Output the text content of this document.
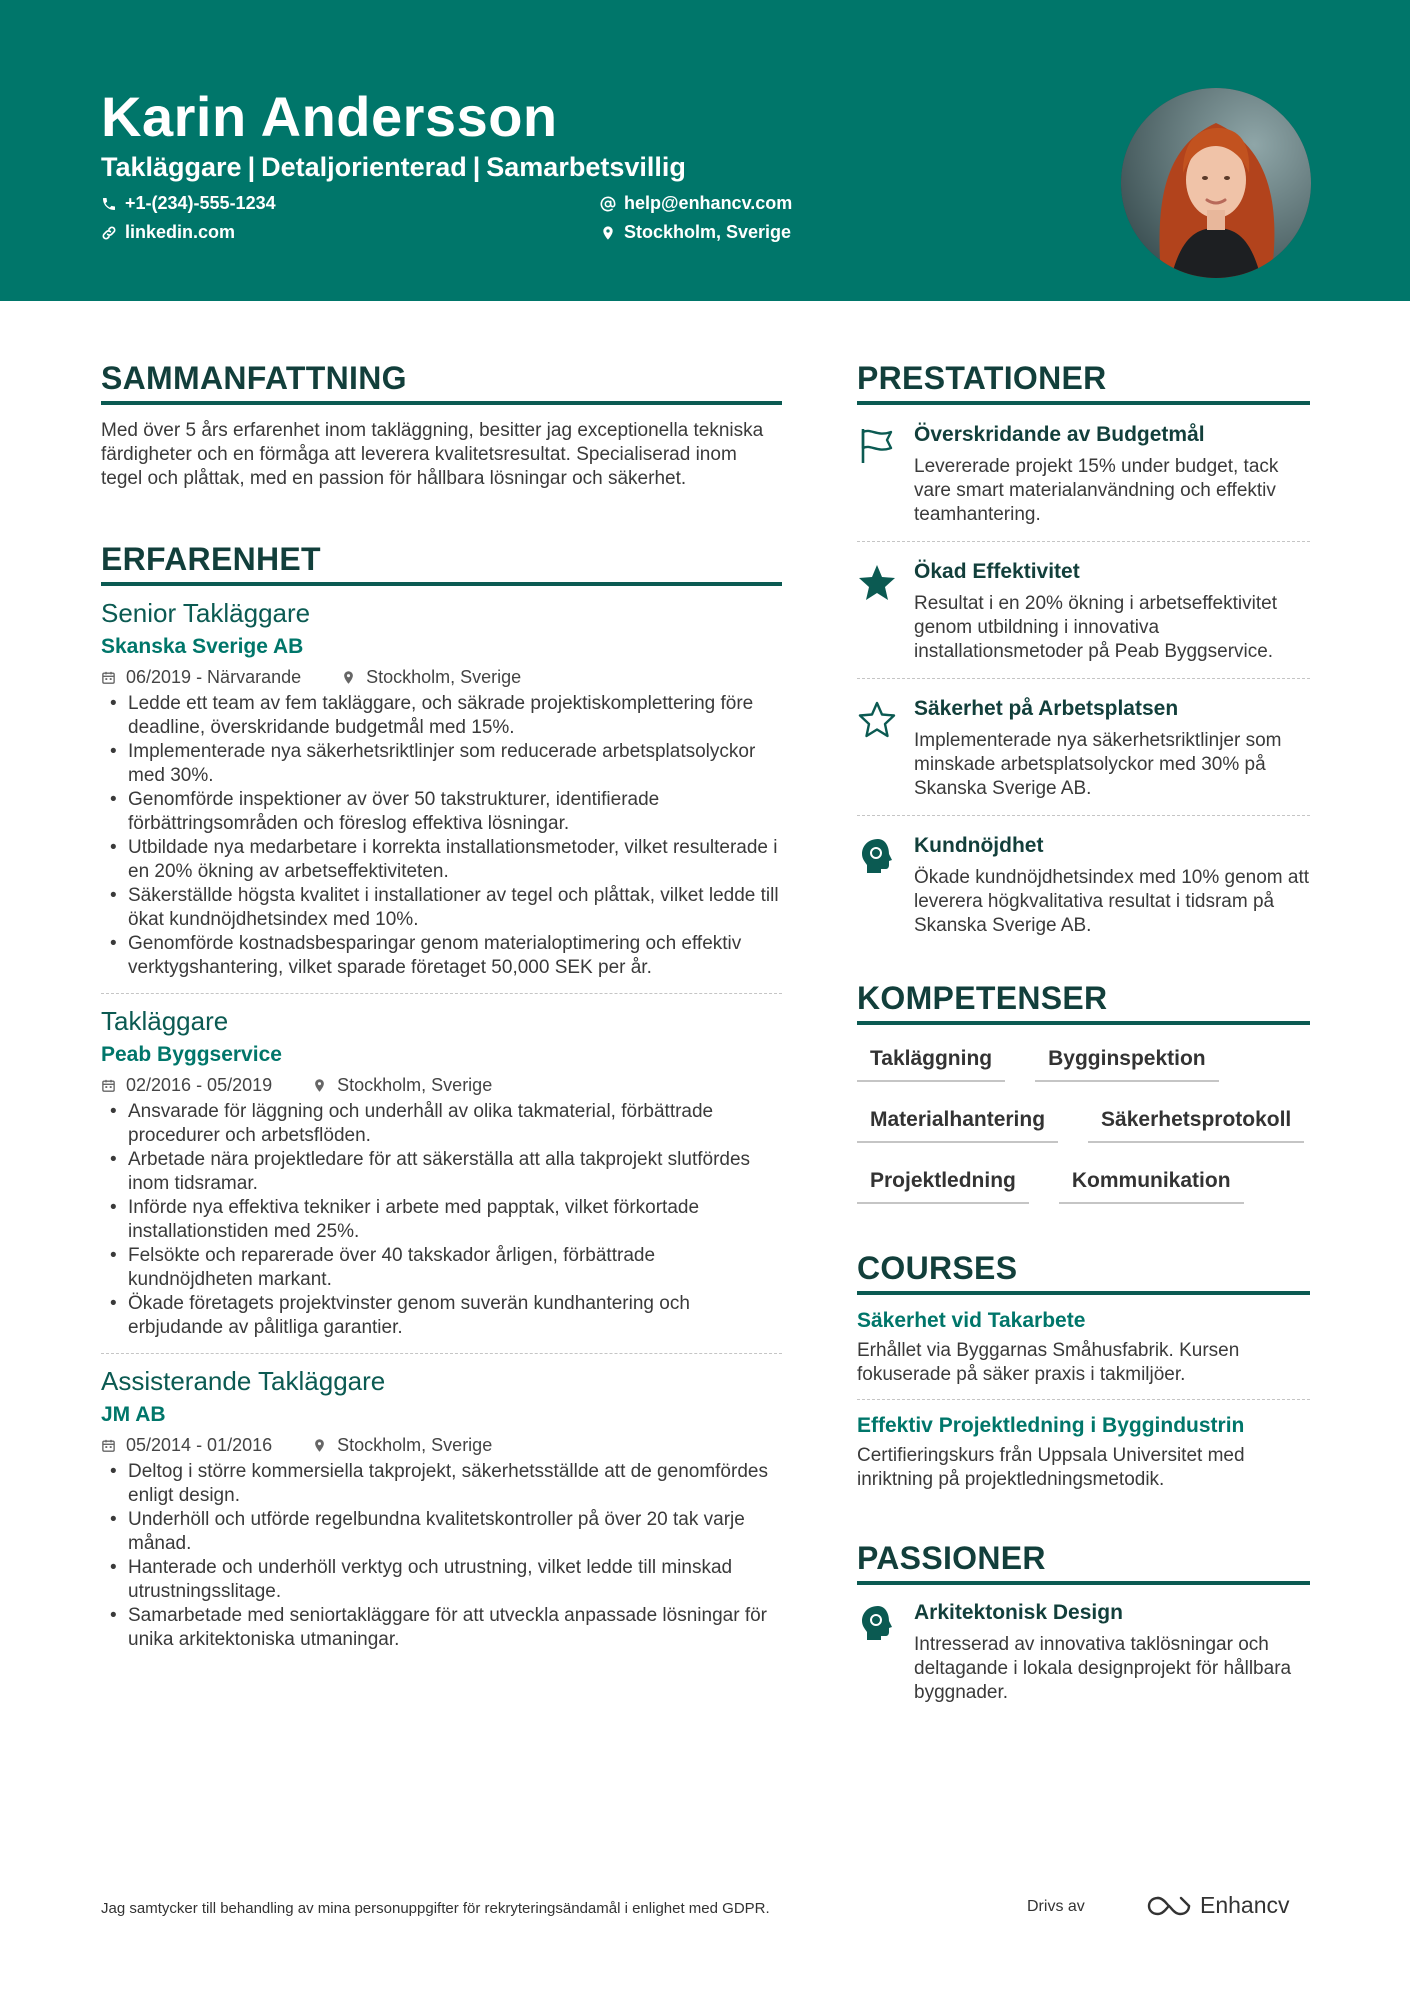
Karin Andersson
Takläggare | Detaljorienterad | Samarbetsvillig
+1-(234)-555-1234
linkedin.com
help@enhancv.com
Stockholm, Sverige
SAMMANFATTNING
Med över 5 års erfarenhet inom takläggning, besitter jag exceptionella tekniska färdigheter och en förmåga att leverera kvalitetsresultat. Specialiserad inom tegel och plåttak, med en passion för hållbara lösningar och säkerhet.
ERFARENHET
Senior Takläggare
Skanska Sverige AB
06/2019 - Närvarande	Stockholm, Sverige
• Ledde ett team av fem takläggare, och säkrade projektiskomplettering före deadline, överskridande budgetmål med 15%.
• Implementerade nya säkerhetsriktlinjer som reducerade arbetsplatsolyckor med 30%.
• Genomförde inspektioner av över 50 takstrukturer, identifierade förbättringsområden och föreslog effektiva lösningar.
• Utbildade nya medarbetare i korrekta installationsmetoder, vilket resulterade i en 20% ökning av arbetseffektiviteten.
• Säkerställde högsta kvalitet i installationer av tegel och plåttak, vilket ledde till ökat kundnöjdhetsindex med 10%.
• Genomförde kostnadsbesparingar genom materialoptimering och effektiv verktygshantering, vilket sparade företaget 50,000 SEK per år.
Takläggare
Peab Byggservice
02/2016 - 05/2019	Stockholm, Sverige
• Ansvarade för läggning och underhåll av olika takmaterial, förbättrade procedurer och arbetsflöden.
• Arbetade nära projektledare för att säkerställa att alla takprojekt slutfördes inom tidsramar.
• Införde nya effektiva tekniker i arbete med papptak, vilket förkortade installationstiden med 25%.
• Felsökte och reparerade över 40 takskador årligen, förbättrade kundnöjdheten markant.
• Ökade företagets projektvinster genom suverän kundhantering och erbjudande av pålitliga garantier.
Assisterande Takläggare
JM AB
05/2014 - 01/2016	Stockholm, Sverige
• Deltog i större kommersiella takprojekt, säkerhetsställde att de genomfördes enligt design.
• Underhöll och utförde regelbundna kvalitetskontroller på över 20 tak varje månad.
• Hanterade och underhöll verktyg och utrustning, vilket ledde till minskad utrustningsslitage.
• Samarbetade med seniortakläggare för att utveckla anpassade lösningar för unika arkitektoniska utmaningar.
PRESTATIONER
Överskridande av Budgetmål
Levererade projekt 15% under budget, tack vare smart materialanvändning och effektiv teamhantering.
Ökad Effektivitet
Resultat i en 20% ökning i arbetseffektivitet genom utbildning i innovativa installationsmetoder på Peab Byggservice.
Säkerhet på Arbetsplatsen
Implementerade nya säkerhetsriktlinjer som minskade arbetsplatsolyckor med 30% på Skanska Sverige AB.
Kundnöjdhet
Ökade kundnöjdhetsindex med 10% genom att leverera högkvalitativa resultat i tidsram på Skanska Sverige AB.
KOMPETENSER
Takläggning	Bygginspektion
Materialhantering	Säkerhetsprotokoll
Projektledning	Kommunikation
COURSES
Säkerhet vid Takarbete
Erhållet via Byggarnas Småhusfabrik. Kursen fokuserade på säker praxis i takmiljöer.
Effektiv Projektledning i Byggindustrin
Certifieringskurs från Uppsala Universitet med inriktning på projektledningsmetodik.
PASSIONER
Arkitektonisk Design
Intresserad av innovativa taklösningar och deltagande i lokala designprojekt för hållbara byggnader.
Jag samtycker till behandling av mina personuppgifter för rekryteringsändamål i enlighet med GDPR.	Drivs av	Enhancv
